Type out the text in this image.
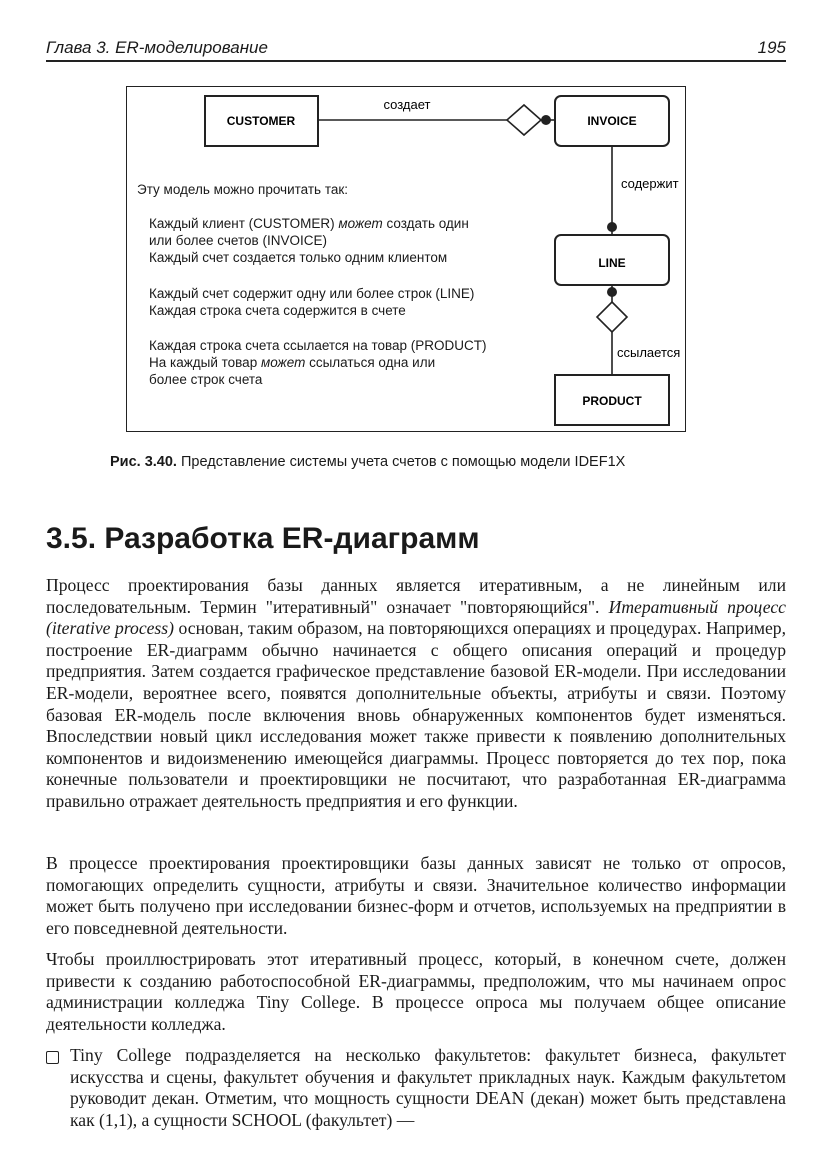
Глава 3. ER-моделирование	195
CUSTOMER	INVOICE
LINE
PRODUCT
создает
содержит
ссылается
Эту модель можно прочитать так:
Каждый клиент (CUSTOMER) может создать один
или более счетов (INVOICE)
Каждый счет создается только одним клиентом
Каждый счет содержит одну или более строк (LINE)
Каждая строка счета содержится в счете
Каждая строка счета ссылается на товар (PRODUCT)
На каждый товар может ссылаться одна или
более строк счета
Рис. 3.40. Представление системы учета счетов с помощью модели IDEF1X
3.5. Разработка ER-диаграмм

Процесс проектирования базы данных является итеративным, а не линейным или последовательным. Термин "итеративный" означает "повторяющийся". Итеративный процесс (iterative process) основан, таким образом, на повторяющихся операциях и процедурах. Например, построение ER-диаграмм обычно начинается с общего описания операций и процедур предприятия. Затем создается графическое представление базовой ER-модели. При исследовании ER-модели, вероятнее всего, появятся дополнительные объекты, атрибуты и связи. Поэтому базовая ER-модель после включения вновь обнаруженных компонентов будет изменяться. Впоследствии новый цикл исследования может также привести к появлению дополнительных компонентов и видоизменению имеющейся диаграммы. Процесс повторяется до тех пор, пока конечные пользователи и проектировщики не посчитают, что разработанная ER-диаграмма правильно отражает деятельность предприятия и его функции.

В процессе проектирования проектировщики базы данных зависят не только от опросов, помогающих определить сущности, атрибуты и связи. Значительное количество информации может быть получено при исследовании бизнес-форм и отчетов, используемых на предприятии в его повседневной деятельности.

Чтобы проиллюстрировать этот итеративный процесс, который, в конечном счете, должен привести к созданию работоспособной ER-диаграммы, предположим, что мы начинаем опрос администрации колледжа Tiny College. В процессе опроса мы получаем общее описание деятельности колледжа.

Tiny College подразделяется на несколько факультетов: факультет бизнеса, факультет искусства и сцены, факультет обучения и факультет прикладных наук. Каждым факультетом руководит декан. Отметим, что мощность сущности DEAN (декан) может быть представлена как (1,1), а сущности SCHOOL (факультет) —
